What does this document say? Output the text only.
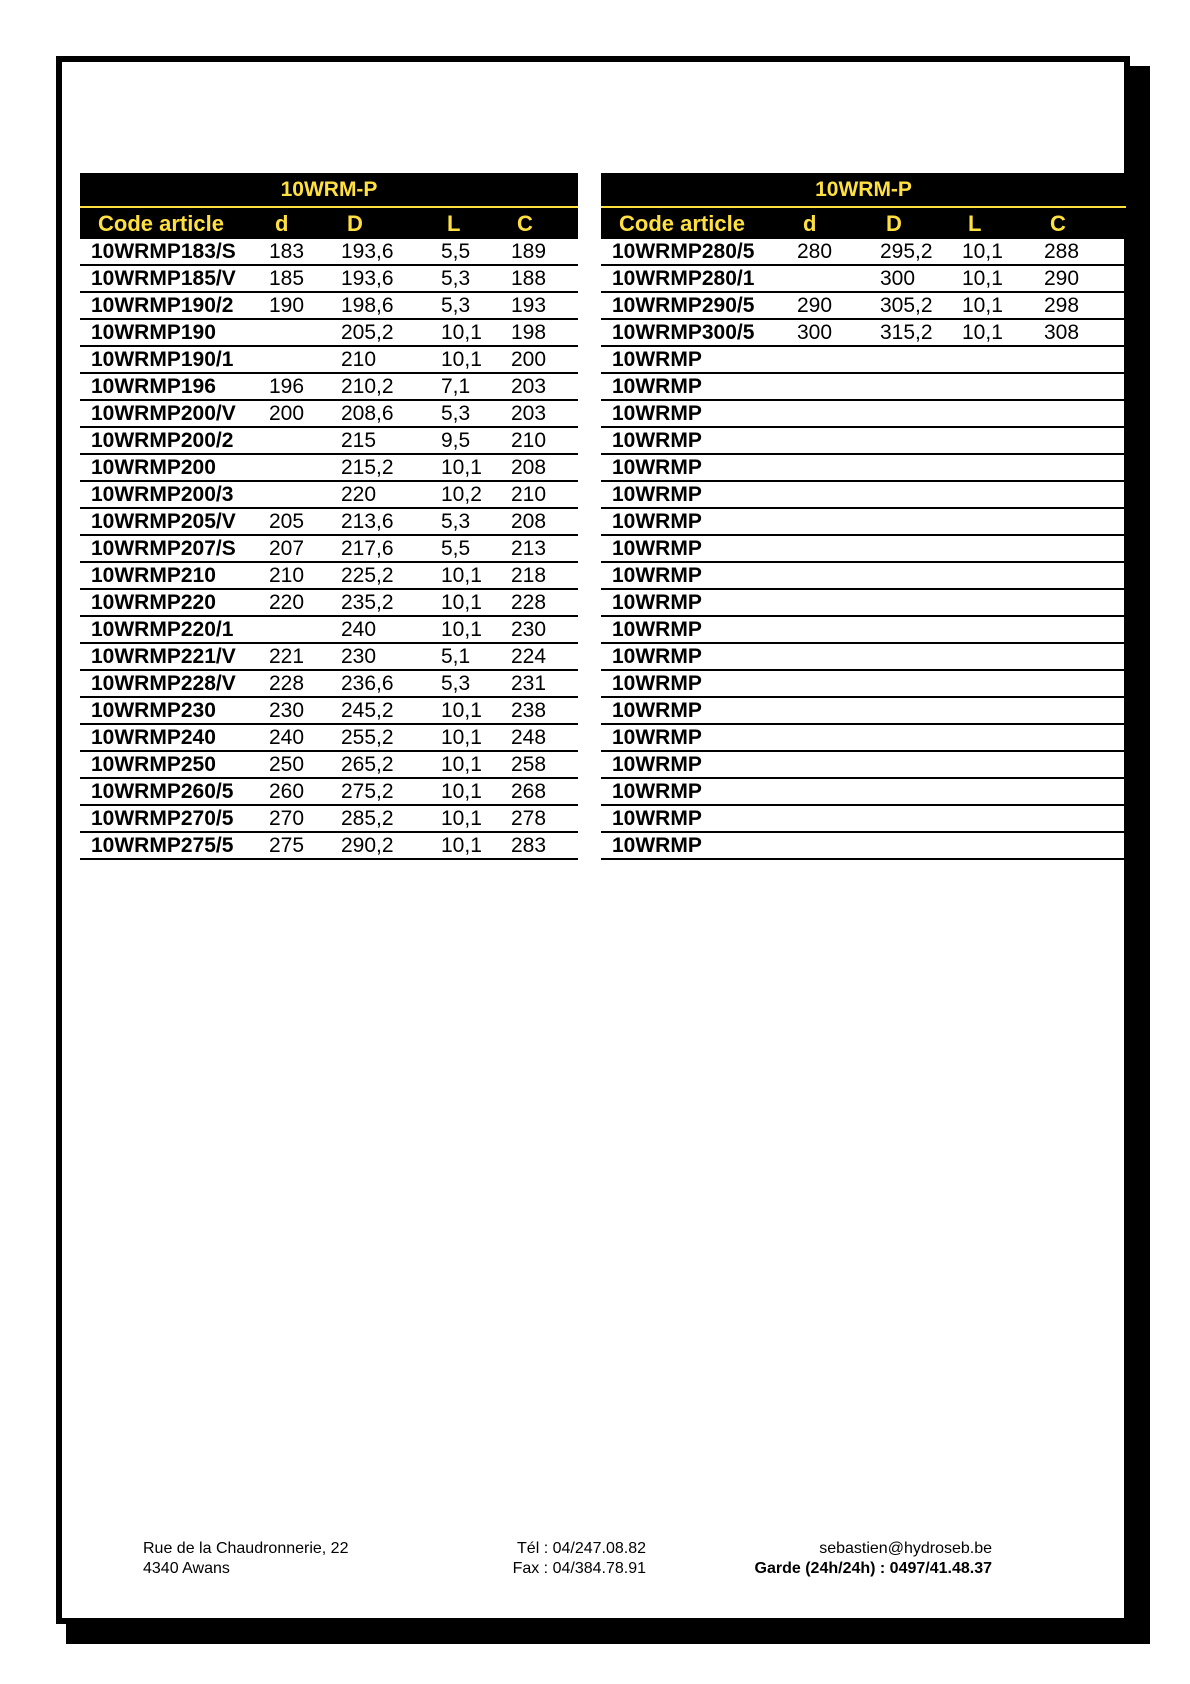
10WRM-P				
Code article	d	D	L	C
10WRMP183/S	183	193,6	5,5	189
10WRMP185/V	185	193,6	5,3	188
10WRMP190/2	190	198,6	5,3	193
10WRMP190		205,2	10,1	198
10WRMP190/1		210	10,1	200
10WRMP196	196	210,2	7,1	203
10WRMP200/V	200	208,6	5,3	203
10WRMP200/2		215	9,5	210
10WRMP200		215,2	10,1	208
10WRMP200/3		220	10,2	210
10WRMP205/V	205	213,6	5,3	208
10WRMP207/S	207	217,6	5,5	213
10WRMP210	210	225,2	10,1	218
10WRMP220	220	235,2	10,1	228
10WRMP220/1		240	10,1	230
10WRMP221/V	221	230	5,1	224
10WRMP228/V	228	236,6	5,3	231
10WRMP230	230	245,2	10,1	238
10WRMP240	240	255,2	10,1	248
10WRMP250	250	265,2	10,1	258
10WRMP260/5	260	275,2	10,1	268
10WRMP270/5	270	285,2	10,1	278
10WRMP275/5	275	290,2	10,1	283
10WRM-P				
Code article	d	D	L	C
10WRMP280/5	280	295,2	10,1	288
10WRMP280/1		300	10,1	290
10WRMP290/5	290	305,2	10,1	298
10WRMP300/5	300	315,2	10,1	308
10WRMP				
10WRMP				
10WRMP				
10WRMP				
10WRMP				
10WRMP				
10WRMP				
10WRMP				
10WRMP				
10WRMP				
10WRMP				
10WRMP				
10WRMP				
10WRMP				
10WRMP				
10WRMP				
10WRMP				
10WRMP				
10WRMP				
Rue de la Chaudronnerie, 22
4340 Awans
Tél : 04/247.08.82
Fax : 04/384.78.91
sebastien@hydroseb.be
Garde (24h/24h) : 0497/41.48.37
